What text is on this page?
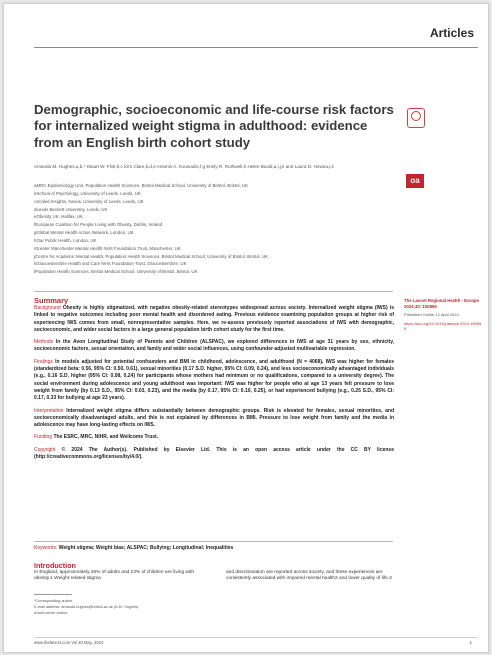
Articles
Demographic, socioeconomic and life-course risk factors for internalized weight stigma in adulthood: evidence from an English birth cohort study
oa
Amanda M. Hughes,a,b,* Stuart W. Flint,b,c Kim Clare,b,d,e Antonis A. Kousoulis,f,g Emily R. Rothwell,h Helen Bould,a,i,j,k and Laura D. Howea,i,k
aMRC Epidemiology Unit, Population Health Sciences, Bristol Medical School, University of Bristol, Bristol, UK
bSchool of Psychology, University of Leeds, Leeds, UK
cScaled Insights, Nexus, University of Leeds, Leeds, UK
dLeeds Beckett University, Leeds, UK
eObesity UK, Halifax, UK
fEuropean Coalition for People Living with Obesity, Dublin, Ireland
gGlobal Mental Health Action Network, London, UK
hOur Public Health, London, UK
iGreater Manchester Mental Health NHS Foundation Trust, Manchester, UK
jCentre for Academic Mental Health, Population Health Sciences, Bristol Medical School, University of Bristol, Bristol, UK
kGloucestershire Health and Care NHS Foundation Trust, Gloucestershire, UK
lPopulation Health Sciences, Bristol Medical School, University of Bristol, Bristol, UK
Summary

Background Obesity is highly stigmatized, with negative obesity-related stereotypes widespread across society. Internalized weight stigma (IWS) is linked to negative outcomes including poor mental health and disordered eating. Previous evidence examining population groups at higher risk of experiencing IWS comes from small, nonrepresentative samples. Here, we re-assess previously reported associations of IWS with demographic, socioeconomic, and wider social factors in a large general population birth cohort study for the first time.

Methods In the Avon Longitudinal Study of Parents and Children (ALSPAC), we explored differences in IWS at age 31 years by sex, ethnicity, socioeconomic factors, sexual orientation, and family and wider social influences, using confounder-adjusted multivariable regression.

Findings In models adjusted for potential confounders and BMI in childhood, adolescence, and adulthood (N = 4068), IWS was higher for females (standardized beta: 0.56, 95% CI: 0.50, 0.61), sexual minorities (0.17 S.D. higher, 95% CI: 0.09, 0.24), and less socioeconomically advantaged individuals (e.g., 0.16 S.D. higher (95% CI: 0.08, 0.24) for participants whose mothers had minimum or no qualifications, compared to a university degree). The social environment during adolescence and young adulthood was important: IWS was higher for people who at age 13 years felt pressure to lose weight from family (by 0.13 S.D., 95% CI: 0.03, 0.23), and the media (by 0.17, 95% CI: 0.10, 0.25), or had experienced bullying (e.g., 0.25 S.D., 95% CI: 0.17, 0.33 for bullying at age 23 years).

Interpretation Internalized weight stigma differs substantially between demographic groups. Risk is elevated for females, sexual minorities, and socioeconomically disadvantaged adults, and this is not explained by differences in BMI. Pressure to lose weight from family and the media in adolescence may have long-lasting effects on IWS.

Funding The ESRC, MRC, NIHR, and Wellcome Trust.

Copyright © 2024 The Author(s). Published by Elsevier Ltd. This is an open access article under the CC BY license (http://creativecommons.org/licenses/by/4.0/).

The Lancet Regional Health - Europe 2024;40: 100895
Published Online 12 April 2024
https://doi.org/10.1016/j.lanepe.2024.100895
Keywords: Weight stigma; Weight bias; ALSPAC; Bullying; Longitudinal; Inequalities
Introduction
In England, approximately 26% of adults and 23% of children are living with obesity.1 Weight-related stigma
and discrimination are reported across society, and these experiences are consistently associated with impaired mental health2 and lower quality of life.3
*Corresponding author.
E-mail address: amanda.hughes@bristol.ac.uk (A.M. Hughes).
aJoint senior author.
www.thelancet.com Vol 40 May, 2024	1
